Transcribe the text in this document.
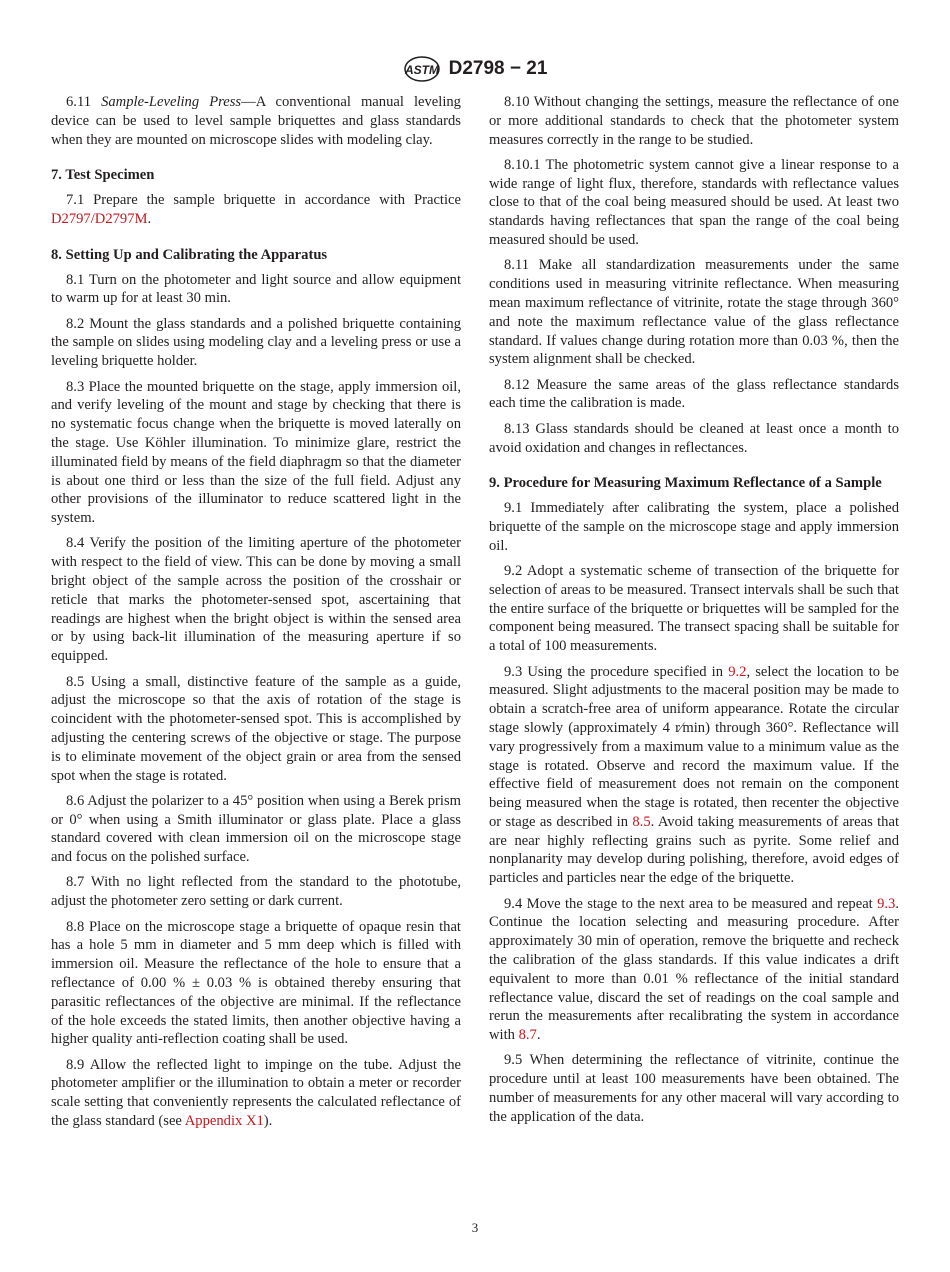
ASTM D2798 − 21

6.11 Sample-Leveling Press—A conventional manual leveling device can be used to level sample briquettes and glass standards when they are mounted on microscope slides with modeling clay.

7. Test Specimen

7.1 Prepare the sample briquette in accordance with Practice D2797/D2797M.

8. Setting Up and Calibrating the Apparatus

8.1 Turn on the photometer and light source and allow equipment to warm up for at least 30 min.

8.2 Mount the glass standards and a polished briquette containing the sample on slides using modeling clay and a leveling press or use a leveling briquette holder.

8.3 Place the mounted briquette on the stage, apply immersion oil, and verify leveling of the mount and stage by checking that there is no systematic focus change when the briquette is moved laterally on the stage. Use Köhler illumination. To minimize glare, restrict the illuminated field by means of the field diaphragm so that the diameter is about one third or less than the size of the full field. Adjust any other provisions of the illuminator to reduce scattered light in the system.

8.4 Verify the position of the limiting aperture of the photometer with respect to the field of view. This can be done by moving a small bright object of the sample across the position of the crosshair or reticle that marks the photometer-sensed spot, ascertaining that readings are highest when the bright object is within the sensed area or by using back-lit illumination of the measuring aperture if so equipped.

8.5 Using a small, distinctive feature of the sample as a guide, adjust the microscope so that the axis of rotation of the stage is coincident with the photometer-sensed spot. This is accomplished by adjusting the centering screws of the objective or stage. The purpose is to eliminate movement of the object grain or area from the sensed spot when the stage is rotated.

8.6 Adjust the polarizer to a 45° position when using a Berek prism or 0° when using a Smith illuminator or glass plate. Place a glass standard covered with clean immersion oil on the microscope stage and focus on the polished surface.

8.7 With no light reflected from the standard to the phototube, adjust the photometer zero setting or dark current.

8.8 Place on the microscope stage a briquette of opaque resin that has a hole 5 mm in diameter and 5 mm deep which is filled with immersion oil. Measure the reflectance of the hole to ensure that a reflectance of 0.00 % ± 0.03 % is obtained thereby ensuring that parasitic reflectances of the objective are minimal. If the reflectance of the hole exceeds the stated limits, then another objective having a higher quality anti-reflection coating shall be used.

8.9 Allow the reflected light to impinge on the tube. Adjust the photometer amplifier or the illumination to obtain a meter or recorder scale setting that conveniently represents the calculated reflectance of the glass standard (see Appendix X1).

8.10 Without changing the settings, measure the reflectance of one or more additional standards to check that the photometer system measures correctly in the range to be studied.

8.10.1 The photometric system cannot give a linear response to a wide range of light flux, therefore, standards with reflectance values close to that of the coal being measured should be used. At least two standards having reflectances that span the range of the coal being measured should be used.

8.11 Make all standardization measurements under the same conditions used in measuring vitrinite reflectance. When measuring mean maximum reflectance of vitrinite, rotate the stage through 360° and note the maximum reflectance value of the glass reflectance standard. If values change during rotation more than 0.03 %, then the system alignment shall be checked.

8.12 Measure the same areas of the glass reflectance standards each time the calibration is made.

8.13 Glass standards should be cleaned at least once a month to avoid oxidation and changes in reflectances.

9. Procedure for Measuring Maximum Reflectance of a Sample

9.1 Immediately after calibrating the system, place a polished briquette of the sample on the microscope stage and apply immersion oil.

9.2 Adopt a systematic scheme of transection of the briquette for selection of areas to be measured. Transect intervals shall be such that the entire surface of the briquette or briquettes will be sampled for the component being measured. The transect spacing shall be suitable for a total of 100 measurements.

9.3 Using the procedure specified in 9.2, select the location to be measured. Slight adjustments to the maceral position may be made to obtain a scratch-free area of uniform appearance. Rotate the circular stage slowly (approximately 4 r⁄min) through 360°. Reflectance will vary progressively from a maximum value to a minimum value as the stage is rotated. Observe and record the maximum value. If the effective field of measurement does not remain on the component being measured when the stage is rotated, then recenter the objective or stage as described in 8.5. Avoid taking measurements of areas that are near highly reflecting grains such as pyrite. Some relief and nonplanarity may develop during polishing, therefore, avoid edges of particles and particles near the edge of the briquette.

9.4 Move the stage to the next area to be measured and repeat 9.3. Continue the location selecting and measuring procedure. After approximately 30 min of operation, remove the briquette and recheck the calibration of the glass standards. If this value indicates a drift equivalent to more than 0.01 % reflectance of the initial standard reflectance value, discard the set of readings on the coal sample and rerun the measurements after recalibrating the system in accordance with 8.7.

9.5 When determining the reflectance of vitrinite, continue the procedure until at least 100 measurements have been obtained. The number of measurements for any other maceral will vary according to the application of the data.

3
